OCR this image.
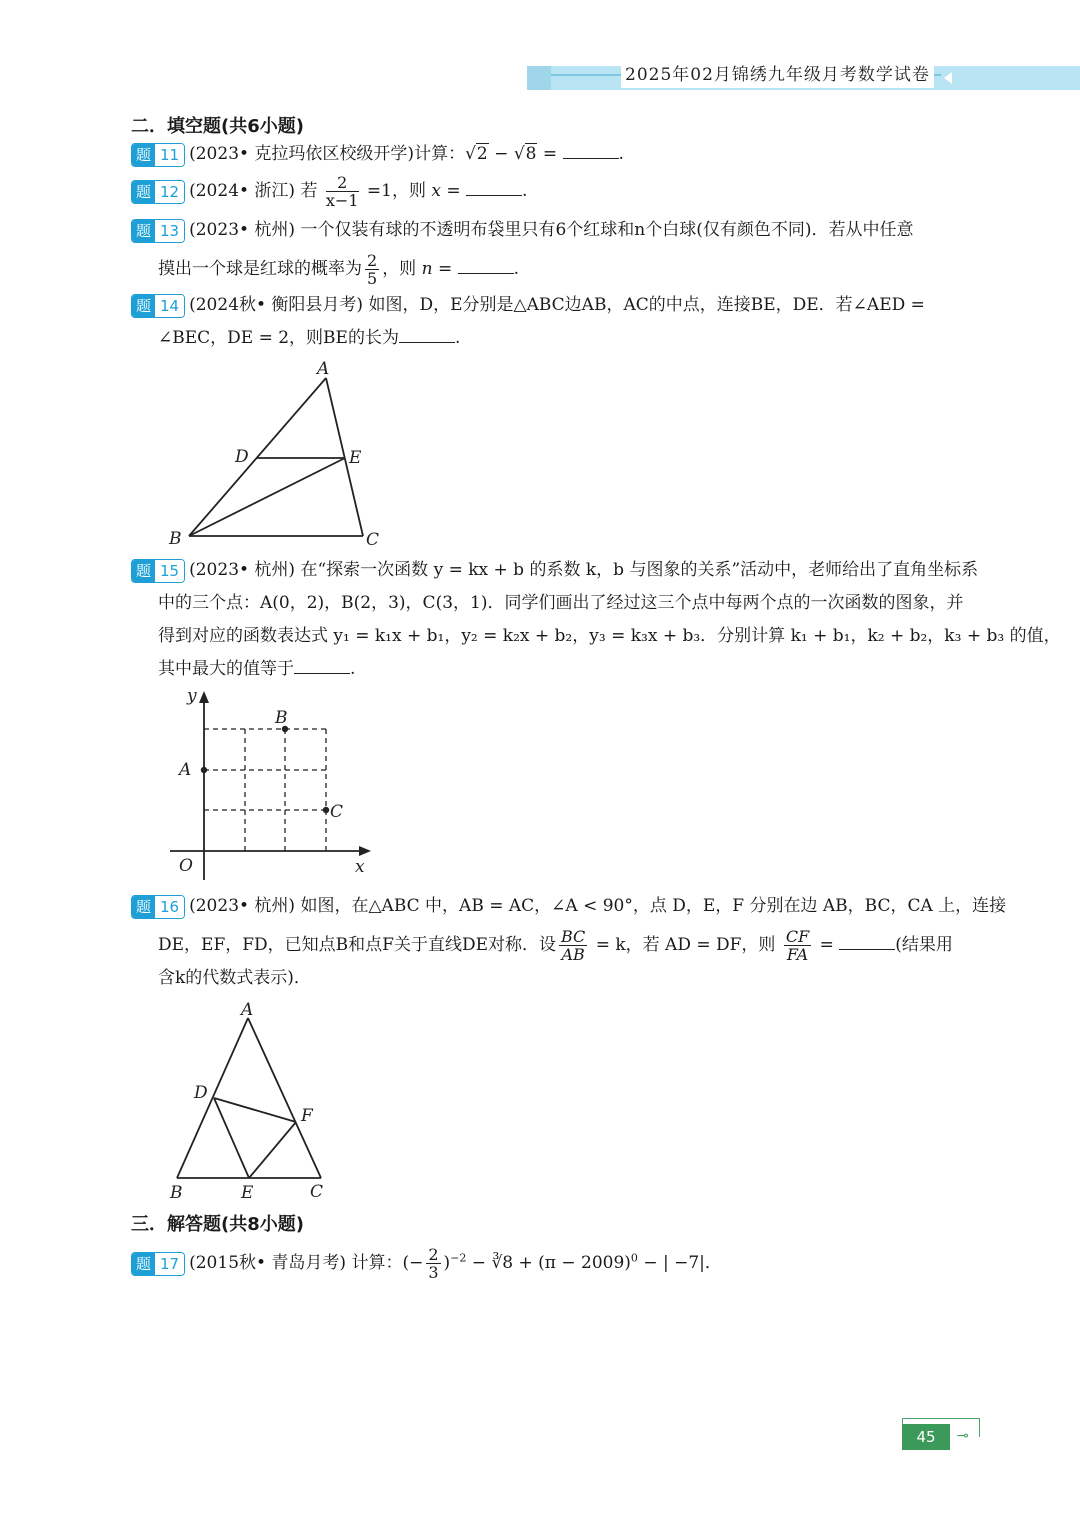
2025年02月锦绣九年级月考数学试卷
二．填空题(共6小题)
题 11 (2023• 克拉玛依区校级开学)计算：√2 − √8 =	.
题 12 (2024• 浙江) 若 $\frac{2}{x-1} =1$，则 x =	.
题 13 (2023• 杭州) 一个仅装有球的不透明布袋里只有6个红球和n个白球(仅有颜色不同)．若从中任意
摸出一个球是红球的概率为 $\frac{2}{5}$ ，则 n =	.
题 14 (2024秋• 衡阳县月考) 如图，D，E分别是△ABC边AB，AC的中点，连接BE，DE．若∠AED =
∠BEC，DE = 2，则BE的长为	.
A
D	E
B	C
题 15 (2023• 杭州) 在“探索一次函数 y = kx + b 的系数 k，b 与图象的关系”活动中，老师给出了直角坐标系
中的三个点：A(0，2)，B(2，3)，C(3，1)．同学们画出了经过这三个点中每两个点的一次函数的图象，并
得到对应的函数表达式 y₁ = k₁x + b₁，y₂ = k₂x + b₂，y₃ = k₃x + b₃．分别计算 k₁ + b₁，k₂ + b₂，k₃ + b₃ 的值，
其中最大的值等于	.
y
x
O
A
B
C
题 16 (2023• 杭州) 如图，在△ABC 中，AB = AC，∠A < 90°，点 D，E，F 分别在边 AB，BC，CA 上，连接
DE，EF，FD，已知点B和点F关于直线DE对称．设 $\frac{BC}{AB} = k$，若 AD = DF，则 $\frac{CF}{FA}$ =	(结果用
含k的代数式表示)．
A
D
F
B	E	C
三．解答题(共8小题)
题 17 (2015秋• 青岛月考) 计算：(− $\frac{2}{3} )^{-2}$ − ∛8 + $(\pi - 2009)^0$ − | −7|．
45	⊸
